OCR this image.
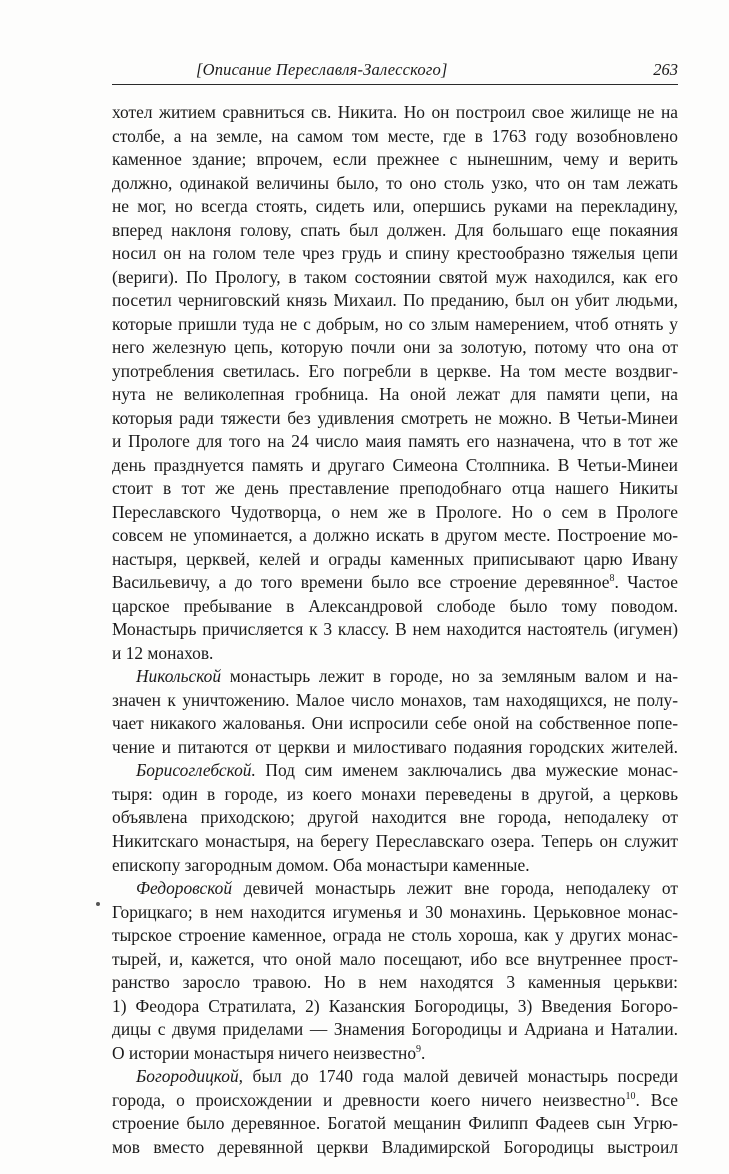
[Описание Переславля-Залесского]	263
хотел житием сравниться св. Никита. Но он построил свое жилище не на
столбе, а на земле, на самом том месте, где в 1763 году возобновлено
каменное здание; впрочем, если прежнее с нынешним, чему и верить
должно, одинакой величины было, то оно столь узко, что он там лежать
не мог, но всегда стоять, сидеть или, опершись руками на перекладину,
вперед наклоня голову, спать был должен. Для большаго еще покаяния
носил он на голом теле чрез грудь и спину крестообразно тяжелыя цепи
(вериги). По Прологу, в таком состоянии святой муж находился, как его
посетил черниговский князь Михаил. По преданию, был он убит людьми,
которые пришли туда не с добрым, но со злым намерением, чтоб отнять у
него железную цепь, которую почли они за золотую, потому что она от
употребления светилась. Его погребли в церкве. На том месте воздвиг-
нута не великолепная гробница. На оной лежат для памяти цепи, на
которыя ради тяжести без удивления смотреть не можно. В Четьи-Минеи
и Прологе для того на 24 число маия память его назначена, что в тот же
день празднуется память и другаго Симеона Столпника. В Четьи-Минеи
стоит в тот же день преставление преподобнаго отца нашего Никиты
Переславского Чудотворца, о нем же в Прологе. Но о сем в Прологе
совсем не упоминается, а должно искать в другом месте. Построение мо-
настыря, церквей, келей и ограды каменных приписывают царю Ивану
Васильевичу, а до того времени было все строение деревянное$^8$. Частое
царское пребывание в Александровой слободе было тому поводом.
Монастырь причисляется к 3 классу. В нем находится настоятель (игумен)
и 12 монахов.
Никольской монастырь лежит в городе, но за земляным валом и на-
значен к уничтожению. Малое число монахов, там находящихся, не полу-
чает никакого жалованья. Они испросили себе оной на собственное попе-
чение и питаются от церкви и милостиваго подаяния городских жителей.
Борисоглебской. Под сим именем заключались два мужеские монас-
тыря: один в городе, из коего монахи переведены в другой, а церковь
объявлена приходскою; другой находится вне города, неподалеку от
Никитскаго монастыря, на берегу Переславскаго озера. Теперь он служит
епископу загородным домом. Оба монастыри каменные.
Федоровской девичей монастырь лежит вне города, неподалеку от
Горицкаго; в нем находится игуменья и 30 монахинь. Церьковное монас-
тырское строение каменное, ограда не столь хороша, как у других монас-
тырей, и, кажется, что оной мало посещают, ибо все внутреннее прост-
ранство заросло травою. Но в нем находятся 3 каменныя церькви:
1) Феодора Стратилата, 2) Казанския Богородицы, 3) Введения Богоро-
дицы с двумя приделами — Знамения Богородицы и Адриана и Наталии.
О истории монастыря ничего неизвестно$^9$.
Богородицкой, был до 1740 года малой девичей монастырь посреди
города, о происхождении и древности коего ничего неизвестно$^{10}$. Все
строение было деревянное. Богатой мещанин Филипп Фадеев сын Угрю-
мов вместо деревянной церкви Владимирской Богородицы выстроил
